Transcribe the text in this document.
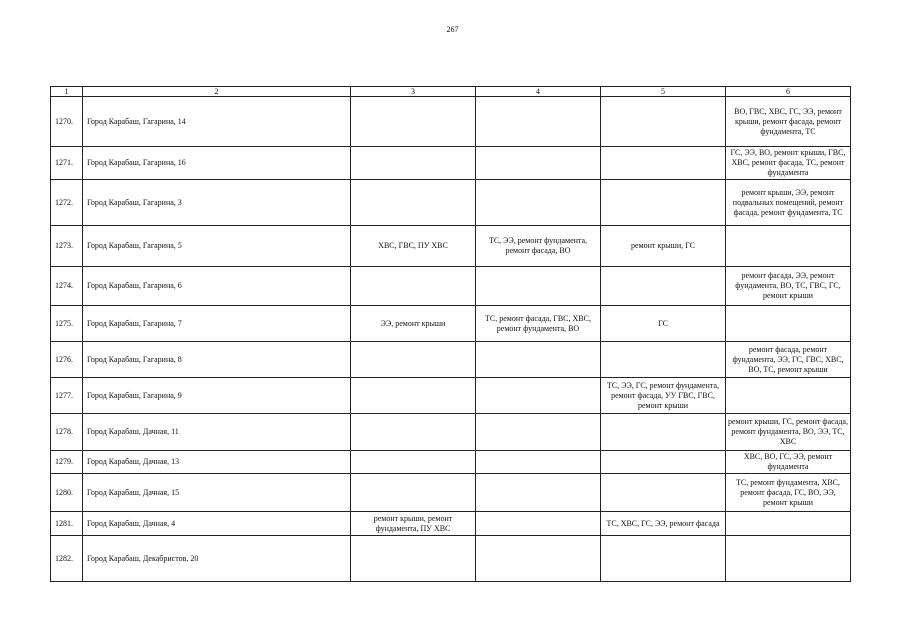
267
1	2	3	4	5	6
1270.	Город Карабаш, Гагарина, 14				ВО, ГВС, ХВС, ГС, ЭЭ, ремонт крыши, ремонт фасада, ремонт фундамента, ТС
1271.	Город Карабаш, Гагарина, 16				ГС, ЭЭ, ВО, ремонт крыши, ГВС, ХВС, ремонт фасада, ТС, ремонт фундамента
1272.	Город Карабаш, Гагарина, 3				ремонт крыши, ЭЭ, ремонт подвальных помещений, ремонт фасада, ремонт фундамента, ТС
1273.	Город Карабаш, Гагарина, 5	ХВС, ГВС, ПУ ХВС	ТС, ЭЭ, ремонт фундамента, ремонт фасада, ВО	ремонт крыши, ГС	
1274.	Город Карабаш, Гагарина, 6				ремонт фасада, ЭЭ, ремонт фундамента, ВО, ТС, ГВС, ГС, ремонт крыши
1275.	Город Карабаш, Гагарина, 7	ЭЭ, ремонт крыши	ТС, ремонт фасада, ГВС, ХВС, ремонт фундамента, ВО	ГС	
1276.	Город Карабаш, Гагарина, 8				ремонт фасада, ремонт фундамента, ЭЭ, ГС, ГВС, ХВС, ВО, ТС, ремонт крыши
1277.	Город Карабаш, Гагарина, 9			ТС, ЭЭ, ГС, ремонт фундамента, ремонт фасада, УУ ГВС, ГВС, ремонт крыши	
1278.	Город Карабаш, Дачная, 11				ремонт крыши, ГС, ремонт фасада, ремонт фундамента, ВО, ЭЭ, ТС, ХВС
1279.	Город Карабаш, Дачная, 13				ХВС, ВО, ГС, ЭЭ, ремонт фундамента
1280.	Город Карабаш, Дачная, 15				ТС, ремонт фундамента, ХВС, ремонт фасада, ГС, ВО, ЭЭ, ремонт крыши
1281.	Город Карабаш, Дачная, 4	ремонт крыши, ремонт фундамента, ПУ ХВС		ТС, ХВС, ГС, ЭЭ, ремонт фасада	
1282.	Город Карабаш, Декабристов, 20				
